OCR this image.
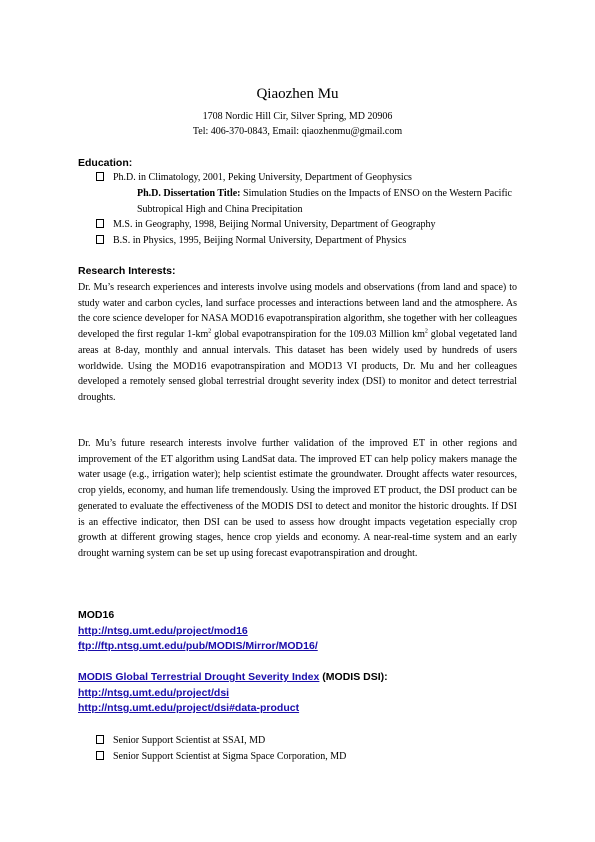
Qiaozhen Mu
1708 Nordic Hill Cir, Silver Spring, MD 20906
Tel: 406-370-0843, Email: qiaozhenmu@gmail.com
Education:
Ph.D. in Climatology, 2001, Peking University, Department of Geophysics
Ph.D. Dissertation Title: Simulation Studies on the Impacts of ENSO on the Western Pacific Subtropical High and China Precipitation
M.S. in Geography, 1998, Beijing Normal University, Department of Geography
B.S. in Physics, 1995, Beijing Normal University, Department of Physics
Research Interests:
Dr. Mu’s research experiences and interests involve using models and observations (from land and space) to study water and carbon cycles, land surface processes and interactions between land and the atmosphere. As the core science developer for NASA MOD16 evapotranspiration algorithm, she together with her colleagues developed the first regular $1-km^2$ global evapotranspiration for the 109.03 Million $km^2$ global vegetated land areas at 8-day, monthly and annual intervals. This dataset has been widely used by hundreds of users worldwide. Using the MOD16 evapotranspiration and MOD13 VI products, Dr. Mu and her colleagues developed a remotely sensed global terrestrial drought severity index (DSI) to monitor and detect terrestrial droughts.
Dr. Mu’s future research interests involve further validation of the improved ET in other regions and improvement of the ET algorithm using LandSat data. The improved ET can help policy makers manage the water usage (e.g., irrigation water); help scientist estimate the groundwater. Drought affects water resources, crop yields, economy, and human life tremendously. Using the improved ET product, the DSI product can be generated to evaluate the effectiveness of the MODIS DSI to detect and monitor the historic droughts. If DSI is an effective indicator, then DSI can be used to assess how drought impacts vegetation especially crop growth at different growing stages, hence crop yields and economy. A near-real-time system and an early drought warning system can be set up using forecast evapotranspiration and drought.
MOD16
http://ntsg.umt.edu/project/mod16
ftp://ftp.ntsg.umt.edu/pub/MODIS/Mirror/MOD16/
MODIS Global Terrestrial Drought Severity Index (MODIS DSI):
http://ntsg.umt.edu/project/dsi
http://ntsg.umt.edu/project/dsi#data-product
Senior Support Scientist at SSAI, MD
Senior Support Scientist at Sigma Space Corporation, MD
